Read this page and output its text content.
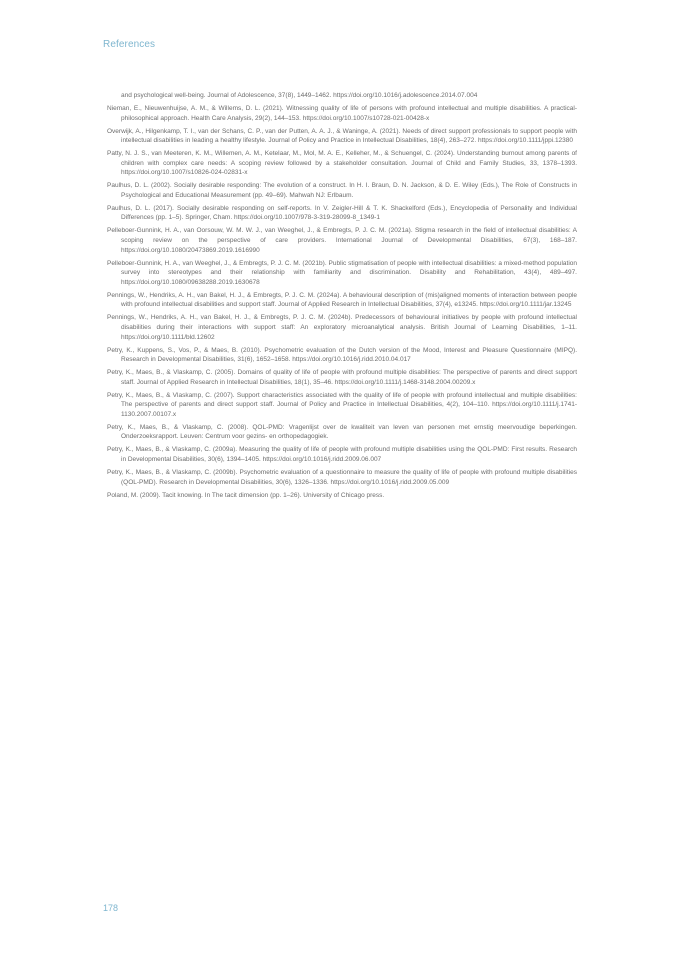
References

and psychological well-being. Journal of Adolescence, 37(8), 1449–1462. https://doi.org/10.1016/j.adolescence.2014.07.004

Nieman, E., Nieuwenhuijse, A. M., & Willems, D. L. (2021). Witnessing quality of life of persons with profound intellectual and multiple disabilities. A practical-philosophical approach. Health Care Analysis, 29(2), 144–153. https://doi.org/10.1007/s10728-021-00428-x

Overwijk, A., Hilgenkamp, T. I., van der Schans, C. P., van der Putten, A. A. J., & Waninge, A. (2021). Needs of direct support professionals to support people with intellectual disabilities in leading a healthy lifestyle. Journal of Policy and Practice in Intellectual Disabilities, 18(4), 263–272. https://doi.org/10.1111/jppi.12380

Patty, N. J. S., van Meeteren, K. M., Willemen, A. M., Ketelaar, M., Mol, M. A. E., Kelleher, M., & Schuengel, C. (2024). Understanding burnout among parents of children with complex care needs: A scoping review followed by a stakeholder consultation. Journal of Child and Family Studies, 33, 1378–1393. https://doi.org/10.1007/s10826-024-02831-x

Paulhus, D. L. (2002). Socially desirable responding: The evolution of a construct. In H. I. Braun, D. N. Jackson, & D. E. Wiley (Eds.), The Role of Constructs in Psychological and Educational Measurement (pp. 49–69). Mahwah NJ: Erlbaum.

Paulhus, D. L. (2017). Socially desirable responding on self-reports. In V. Zeigler-Hill & T. K. Shackelford (Eds.), Encyclopedia of Personality and Individual Differences (pp. 1–5). Springer, Cham. https://doi.org/10.1007/978-3-319-28099-8_1349-1

Pelleboer-Gunnink, H. A., van Oorsouw, W. M. W. J., van Weeghel, J., & Embregts, P. J. C. M. (2021a). Stigma research in the field of intellectual disabilities: A scoping review on the perspective of care providers. International Journal of Developmental Disabilities, 67(3), 168–187. https://doi.org/10.1080/20473869.2019.1616990

Pelleboer-Gunnink, H. A., van Weeghel, J., & Embregts, P. J. C. M. (2021b). Public stigmatisation of people with intellectual disabilities: a mixed-method population survey into stereotypes and their relationship with familiarity and discrimination. Disability and Rehabilitation, 43(4), 489–497. https://doi.org/10.1080/09638288.2019.1630678

Pennings, W., Hendriks, A. H., van Bakel, H. J., & Embregts, P. J. C. M. (2024a). A behavioural description of (mis)aligned moments of interaction between people with profound intellectual disabilities and support staff. Journal of Applied Research in Intellectual Disabilities, 37(4), e13245. https://doi.org/10.1111/jar.13245

Pennings, W., Hendriks, A. H., van Bakel, H. J., & Embregts, P. J. C. M. (2024b). Predecessors of behavioural initiatives by people with profound intellectual disabilities during their interactions with support staff: An exploratory microanalytical analysis. British Journal of Learning Disabilities, 1–11. https://doi.org/10.1111/bld.12602

Petry, K., Kuppens, S., Vos, P., & Maes, B. (2010). Psychometric evaluation of the Dutch version of the Mood, Interest and Pleasure Questionnaire (MIPQ). Research in Developmental Disabilities, 31(6), 1652–1658. https://doi.org/10.1016/j.ridd.2010.04.017

Petry, K., Maes, B., & Vlaskamp, C. (2005). Domains of quality of life of people with profound multiple disabilities: The perspective of parents and direct support staff. Journal of Applied Research in Intellectual Disabilities, 18(1), 35–46. https://doi.org/10.1111/j.1468-3148.2004.00209.x

Petry, K., Maes, B., & Vlaskamp, C. (2007). Support characteristics associated with the quality of life of people with profound intellectual and multiple disabilities: The perspective of parents and direct support staff. Journal of Policy and Practice in Intellectual Disabilities, 4(2), 104–110. https://doi.org/10.1111/j.1741-1130.2007.00107.x

Petry, K., Maes, B., & Vlaskamp, C. (2008). QOL-PMD: Vragenlijst over de kwaliteit van leven van personen met ernstig meervoudige beperkingen. Onderzoeksrapport. Leuven: Centrum voor gezins- en orthopedagogiek.

Petry, K., Maes, B., & Vlaskamp, C. (2009a). Measuring the quality of life of people with profound multiple disabilities using the QOL-PMD: First results. Research in Developmental Disabilities, 30(6), 1394–1405. https://doi.org/10.1016/j.ridd.2009.06.007

Petry, K., Maes, B., & Vlaskamp, C. (2009b). Psychometric evaluation of a questionnaire to measure the quality of life of people with profound multiple disabilities (QOL-PMD). Research in Developmental Disabilities, 30(6), 1326–1336. https://doi.org/10.1016/j.ridd.2009.05.009

Poland, M. (2009). Tacit knowing. In The tacit dimension (pp. 1–26). University of Chicago press.

178
